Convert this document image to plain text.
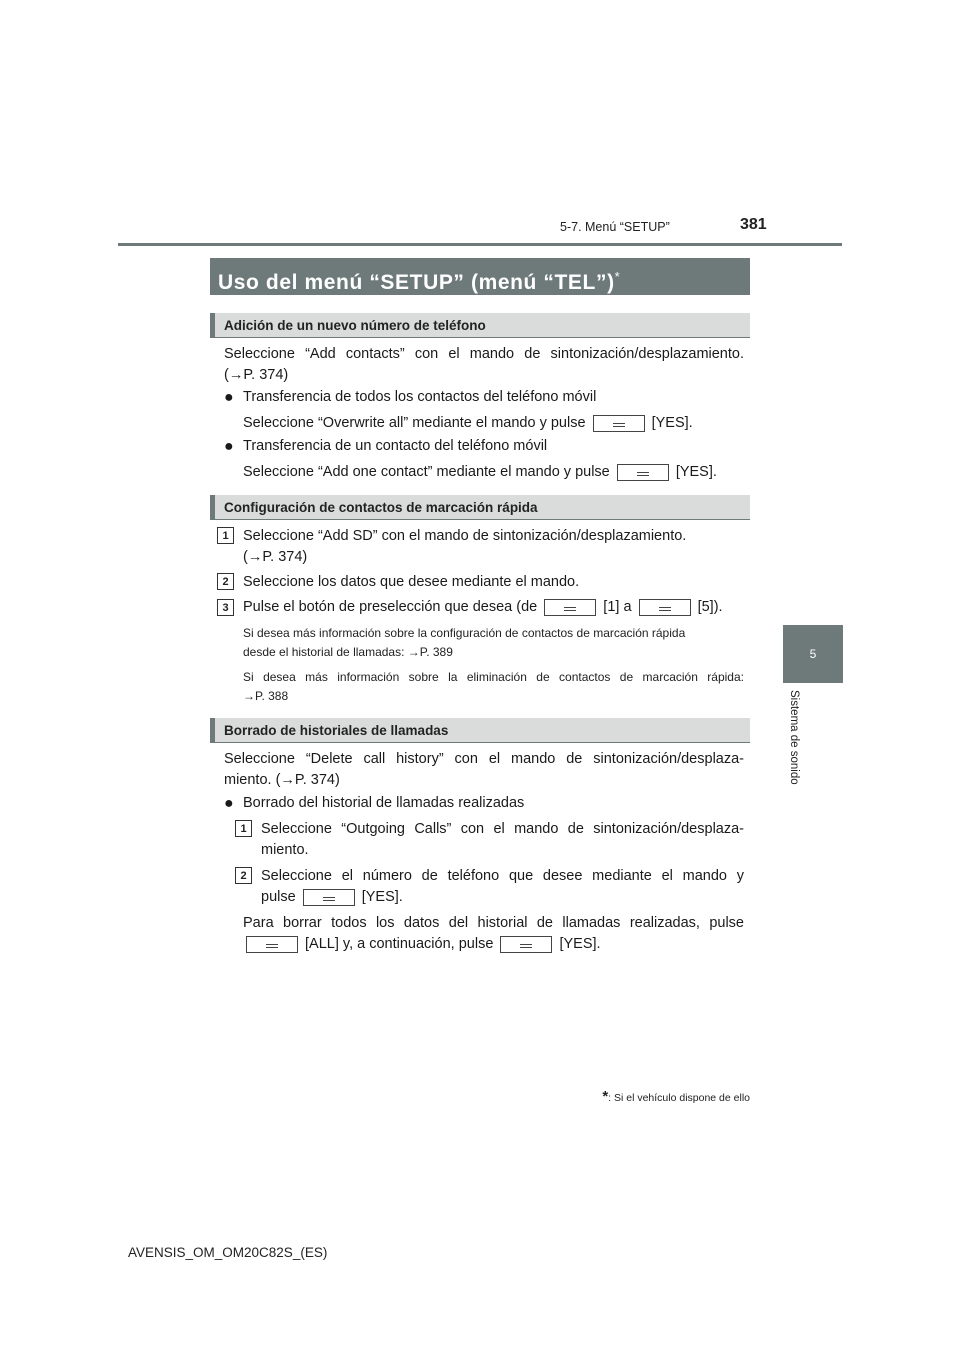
5-7. Menú “SETUP”	381
5
Sistema de sonido
Uso del menú “SETUP” (menú “TEL”)*
Adición de un nuevo número de teléfono
Seleccione “Add contacts” con el mando de sintonización/desplazamiento.
(→P. 374)
● Transferencia de todos los contactos del teléfono móvil
Seleccione “Overwrite all” mediante el mando y pulse	[YES].
● Transferencia de un contacto del teléfono móvil
Seleccione “Add one contact” mediante el mando y pulse	[YES].
Configuración de contactos de marcación rápida
1 Seleccione “Add SD” con el mando de sintonización/desplazamiento.
(→P. 374)
2 Seleccione los datos que desee mediante el mando.
3 Pulse el botón de preselección que desea (de	[1] a	[5]).
Si desea más información sobre la configuración de contactos de marcación rápida
desde el historial de llamadas: →P. 389
Si desea más información sobre la eliminación de contactos de marcación rápida:
→P. 388
Borrado de historiales de llamadas
Seleccione “Delete call history” con el mando de sintonización/desplaza-
miento. (→P. 374)
● Borrado del historial de llamadas realizadas
1 Seleccione “Outgoing Calls” con el mando de sintonización/desplaza-
miento.
2 Seleccione el número de teléfono que desee mediante el mando y
pulse	[YES].
Para borrar todos los datos del historial de llamadas realizadas, pulse
[ALL] y, a continuación, pulse	[YES].
*: Si el vehículo dispone de ello
AVENSIS_OM_OM20C82S_(ES)
